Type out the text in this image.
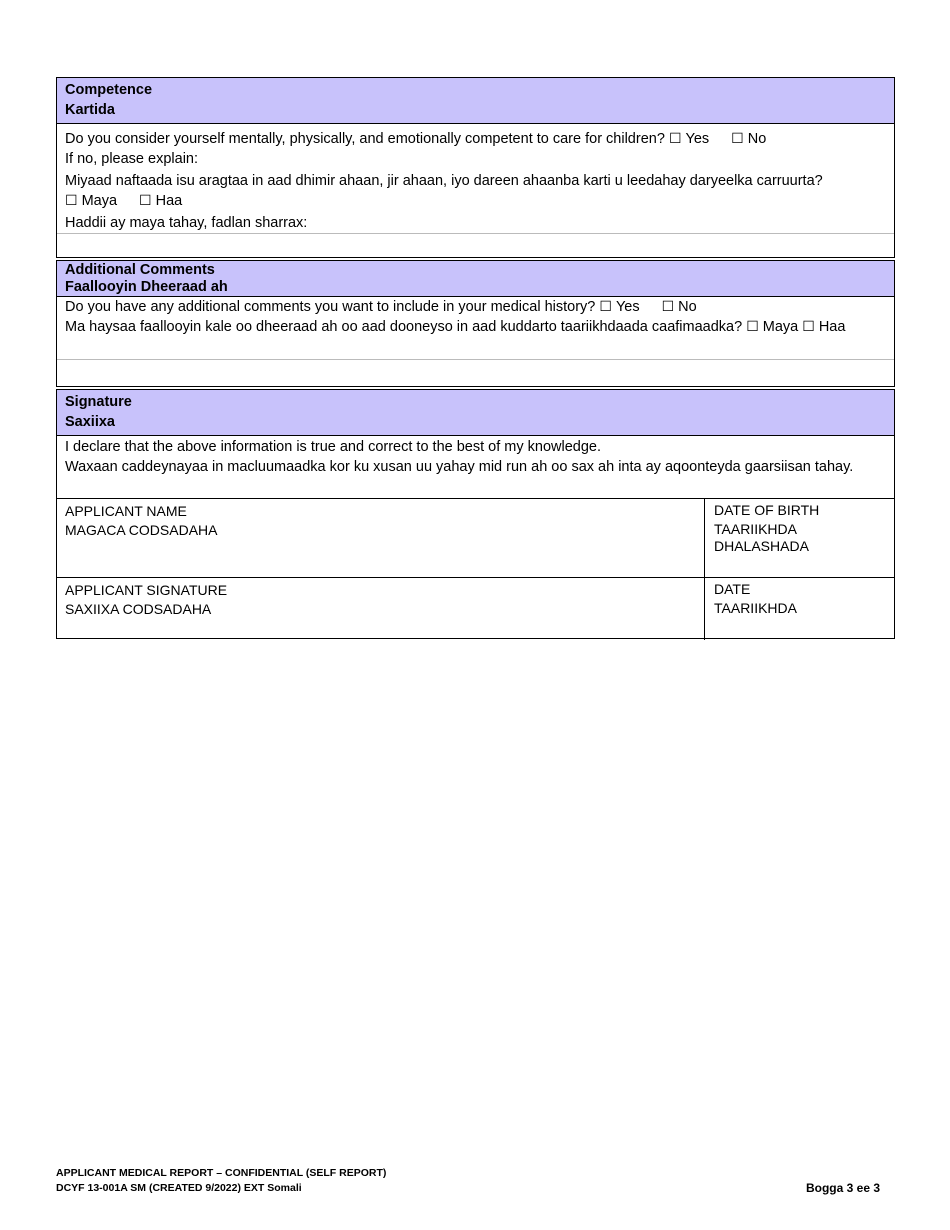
Competence
Kartida
Do you consider yourself mentally, physically, and emotionally competent to care for children? ☐ Yes ☐ No
If no, please explain:
Miyaad naftaada isu aragtaa in aad dhimir ahaan, jir ahaan, iyo dareen ahaanba karti u leedahay daryeelka carruurta?
☐ Maya ☐ Haa
Haddii ay maya tahay, fadlan sharrax:
Additional Comments
Faallooyin Dheeraad ah
Do you have any additional comments you want to include in your medical history? ☐ Yes ☐ No
Ma haysaa faallooyin kale oo dheeraad ah oo aad dooneyso in aad kuddarto taariikhdaada caafimaadka? ☐ Maya ☐ Haa
Signature
Saxiixa
I declare that the above information is true and correct to the best of my knowledge.
Waxaan caddeynayaa in macluumaadka kor ku xusan uu yahay mid run ah oo sax ah inta ay aqoonteyda gaarsiisan tahay.
APPLICANT NAME
MAGACA CODSADAHA
DATE OF BIRTH
TAARIIKHDA DHALASHADA
APPLICANT SIGNATURE
SAXIIXA CODSADAHA
DATE
TAARIIKHDA
APPLICANT MEDICAL REPORT – CONFIDENTIAL (SELF REPORT)
DCYF 13-001A SM (CREATED 9/2022) EXT Somali	Bogga 3 ee 3
